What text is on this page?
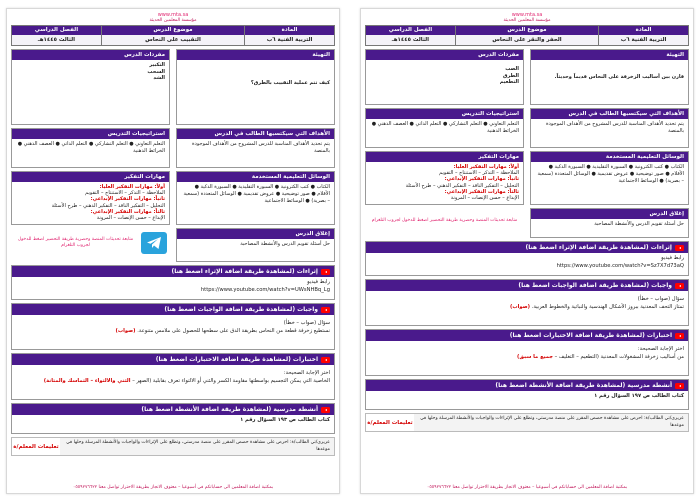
www.mta.sa
مؤسسة المعلمين الحديثة
المادة
التربية الفنية ٦ب
موضوع الدرس
التقبيب على النحاس
الفصل الدراسي
الثالث ١٤٤٥هـ
التهيئة
كيف تتم عملية التقبيب بالطرق؟
الأهداف التي سيكتسبها الطالب في الدرس
يتم تحديد الأهداف المناسبة للدرس المشروح من الأهداف الموجودة بالمنصة
الوسائل التعليمية المستخدمة
الكتاب ● كتب الكترونية ● السبورة التقليدية ● السبورة الذكية ● الأقلام ● صور توضيحية ● عروض تقديمية ● الوسائل المتعددة (سمعية – بصرية) ● الوسائط الاجتماعية
إغلاق الدرس
حل أسئلة تقويم الدرس والأنشطة المصاحبة
مفردات الدرس
التكبير
السحب
الشد
استراتيجيات التدريس
التعلم التعاوني ● التعلم التشاركي ● التعلم الذاتي ● العصف الذهني ● الخرائط الذهنية
مهارات التفكير
أولاً: مهارات التفكير العليا:
الملاحظة – التذكر – الاستنتاج – التقويم
ثانياً: مهارات التفكير الإبداعي:
التحليل – التفكير الناقد – التفكير الذهني – طرح الأسئلة
ثالثاً: مهارات التفكير الإبداعي:
الإبداع – حسن الإنصات – المرونة
متابعة تحديثات المنصة وحصرية طريقة التحضير اضغط للدخول لجروب التلغرام
إثراءات (لمشاهدة طريقة اضافة الإثراء اضغط هنا)
رابط فيديو
https://www.youtube.com/watch?v=UWsNHBq_Lg
واجبات (لمشاهدة طريقة اضافة الواجبات اضغط هنا)
سؤال (صواب – خطأ)
نستطيع زخرفة قطعة من النحاس بطريقة الدق على سطحها للحصول على ملامس متنوعة. (صواب)
اختبارات (لمشاهدة طريقة اضافة الاختبارات اضغط هنا)
اختر الإجابة الصحيحة:
الخاصية التي يمكن التجسيم بواسطتها مقاومة الكسر والثني أو الالتواء تعرف بقابلية (الصهر – الثني والالتواء – التماسك والمتانة)
أنشطة مدرسية (لمشاهدة طريقة اضافة الأنشطة اضغط هنا)
كتاب الطالب ص ١٩٣ السؤال رقم ١
عزيزي/تي الطالب/ة: احرص على مشاهدة حصص المقرر على منصة مدرستي، وتطلع على الإثراءات والواجبات والأنشطة المرسلة وحلها في موعدها
تعليمات المعلم/ة
بمكتبة اضافة المعلمين الى حساباتكم في أسبوعيا – معتوف الانجاز بطريقة الاحترار تواصل معنا ٠٥٥٩٢٧٦٦٢٢
www.mta.sa
مؤسسة المعلمين الحديثة
المادة
التربية الفنية ٦ب
موضوع الدرس
الحفر والنقر على النحاس
الفصل الدراسي
الثالث ١٤٤٥هـ
التهيئة
قارن بين أساليب الزخرفة على النحاس قديماً وحديثاً.
الأهداف التي سيكتسبها الطالب في الدرس
يتم تحديد الأهداف المناسبة للدرس المشروح من الأهداف الموجودة بالمنصة
الوسائل التعليمية المستخدمة
الكتاب ● كتب الكترونية ● السبورة التقليدية ● السبورة الذكية ● الأقلام ● صور توضيحية ● عروض تقديمية ● الوسائل المتعددة (سمعية – بصرية) ● الوسائط الاجتماعية
إغلاق الدرس
حل أسئلة تقويم الدرس والأنشطة المصاحبة
مفردات الدرس
الصب
الطرق
التطعيم
استراتيجيات التدريس
التعلم التعاوني ● التعلم التشاركي ● التعلم الذاتي ● العصف الذهني ● الخرائط الذهنية
مهارات التفكير
أولاً: مهارات التفكير العليا:
الملاحظة – التذكر – الاستنتاج – التقويم
ثانياً: مهارات التفكير الإبداعي:
التحليل – التفكير الناقد – التفكير الذهني – طرح الأسئلة
ثالثاً: مهارات التفكير الإبداعي:
الإبداع – حسن الإنصات – المرونة
متابعة تحديثات المنصة وحصرية طريقة التحضير اضغط للدخول لجروب التلغرام
إثراءات (لمشاهدة طريقة اضافة الإثراء اضغط هنا)
رابط فيديو
https://www.youtube.com/watch?v=Sz7X7d73aQ
واجبات (لمشاهدة طريقة اضافة الواجبات اضغط هنا)
سؤال (صواب – خطأ)
تمتاز التحف المعدنية ببروز الأشكال الهندسية والنباتية والخطوط العربية. (صواب)
اختبارات (لمشاهدة طريقة اضافة الاختبارات اضغط هنا)
اختر الإجابة الصحيحة:
من أساليب زخرفة المشغولات المعدنية (التطعيم – التغليف – جميع ما سبق)
أنشطة مدرسية (لمشاهدة طريقة اضافة الأنشطة اضغط هنا)
كتاب الطالب ص ١٩٧ السؤال رقم ١
عزيزي/تي الطالب/ة: احرص على مشاهدة حصص المقرر على منصة مدرستي، وتطلع على الإثراءات والواجبات والأنشطة المرسلة وحلها في موعدها
تعليمات المعلم/ة
بمكتبة اضافة المعلمين الى حساباتكم في أسبوعيا – معتوف الانجاز بطريقة الاحترار تواصل معنا ٠٥٥٩٢٧٦٦٢٢
